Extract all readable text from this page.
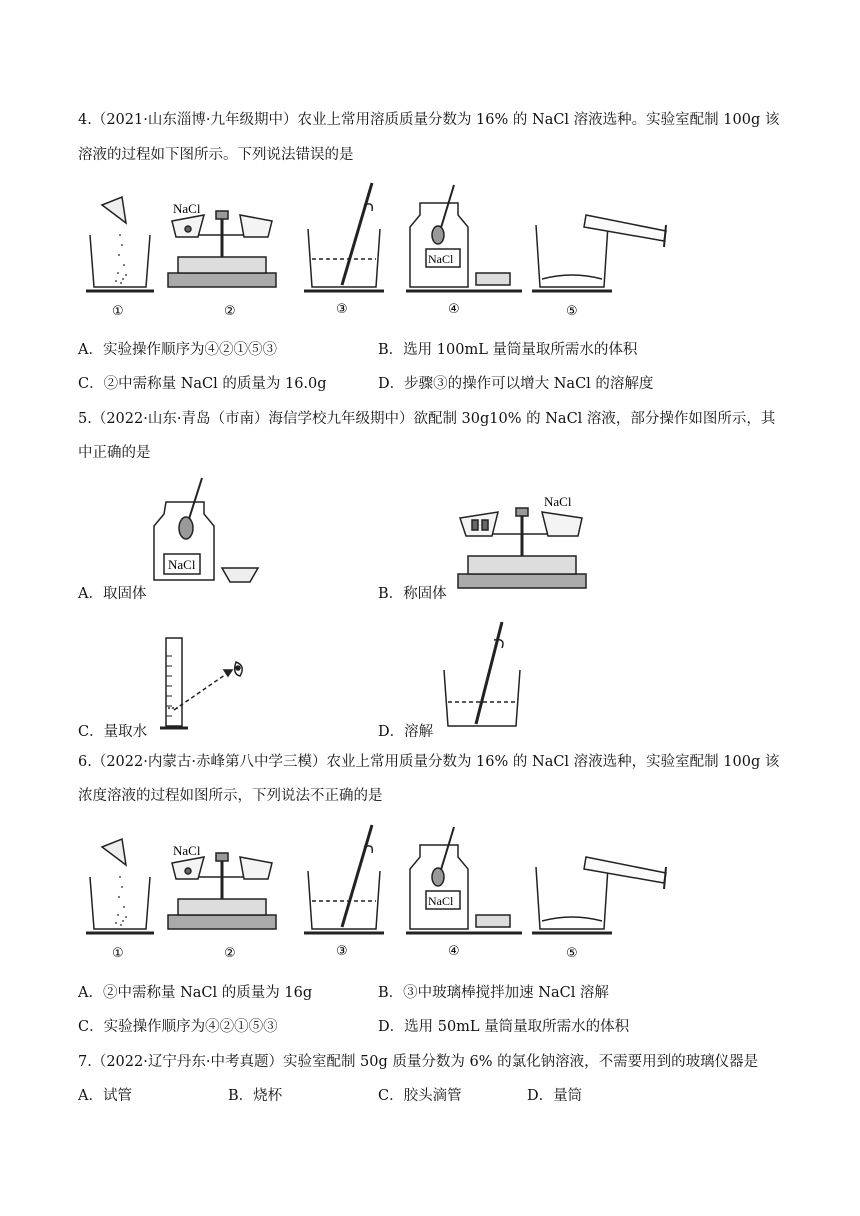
4.（2021·山东淄博·九年级期中）农业上常用溶质质量分数为 16% 的 NaCl 溶液选种。实验室配制 100g 该
溶液的过程如下图所示。下列说法错误的是
NaCl
NaCl
①	②	③	④	⑤
A．实验操作顺序为④②①⑤③	B．选用 100mL 量筒量取所需水的体积
C．②中需称量 NaCl 的质量为 16.0g	D．步骤③的操作可以增大 NaCl 的溶解度
5.（2022·山东·青岛（市南）海信学校九年级期中）欲配制 30g10% 的 NaCl 溶液，部分操作如图所示，其
中正确的是
NaCl
A．取固体
NaCl
B．称固体
C．量取水	D．溶解
6.（2022·内蒙古·赤峰第八中学三模）农业上常用质量分数为 16% 的 NaCl 溶液选种，实验室配制 100g 该
浓度溶液的过程如图所示，下列说法不正确的是
NaCl
NaCl
①	②	③	④	⑤
A．②中需称量 NaCl 的质量为 16g	B．③中玻璃棒搅拌加速 NaCl 溶解
C．实验操作顺序为④②①⑤③	D．选用 50mL 量筒量取所需水的体积
7.（2022·辽宁丹东·中考真题）实验室配制 50g 质量分数为 6% 的氯化钠溶液，不需要用到的玻璃仪器是
A．试管	B．烧杯	C．胶头滴管	D．量筒
